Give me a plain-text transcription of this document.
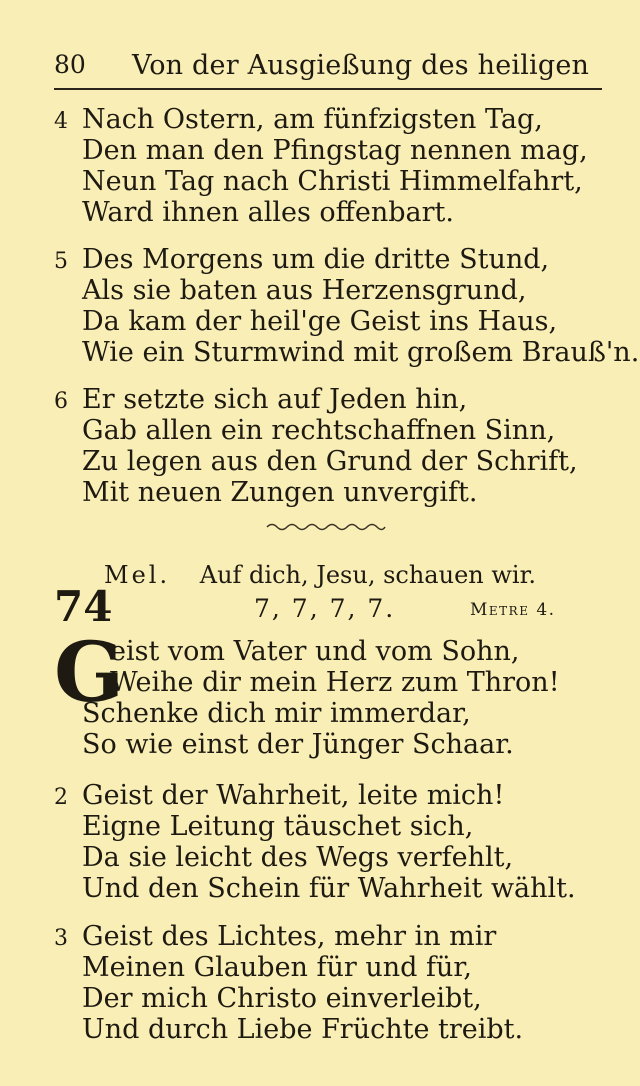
80 Von der Ausgießung des heiligen
4 Nach Ostern, am fünfzigsten Tag,
Den man den Pfingstag nennen mag,
Neun Tag nach Christi Himmelfahrt,
Ward ihnen alles offenbart.
5 Des Morgens um die dritte Stund,
Als sie baten aus Herzensgrund,
Da kam der heil'ge Geist ins Haus,
Wie ein Sturmwind mit großem Brauß'n.
6 Er setzte sich auf Jeden hin,
Gab allen ein rechtschaffnen Sinn,
Zu legen aus den Grund der Schrift,
Mit neuen Zungen unvergift.
Mel. Auf dich, Jesu, schauen wir.
74	7, 7, 7, 7.	Metre 4.
G
eist vom Vater und vom Sohn,
Weihe dir mein Herz zum Thron!
Schenke dich mir immerdar,
So wie einst der Jünger Schaar.
2 Geist der Wahrheit, leite mich!
Eigne Leitung täuschet sich,
Da sie leicht des Wegs verfehlt,
Und den Schein für Wahrheit wählt.
3 Geist des Lichtes, mehr in mir
Meinen Glauben für und für,
Der mich Christo einverleibt,
Und durch Liebe Früchte treibt.
